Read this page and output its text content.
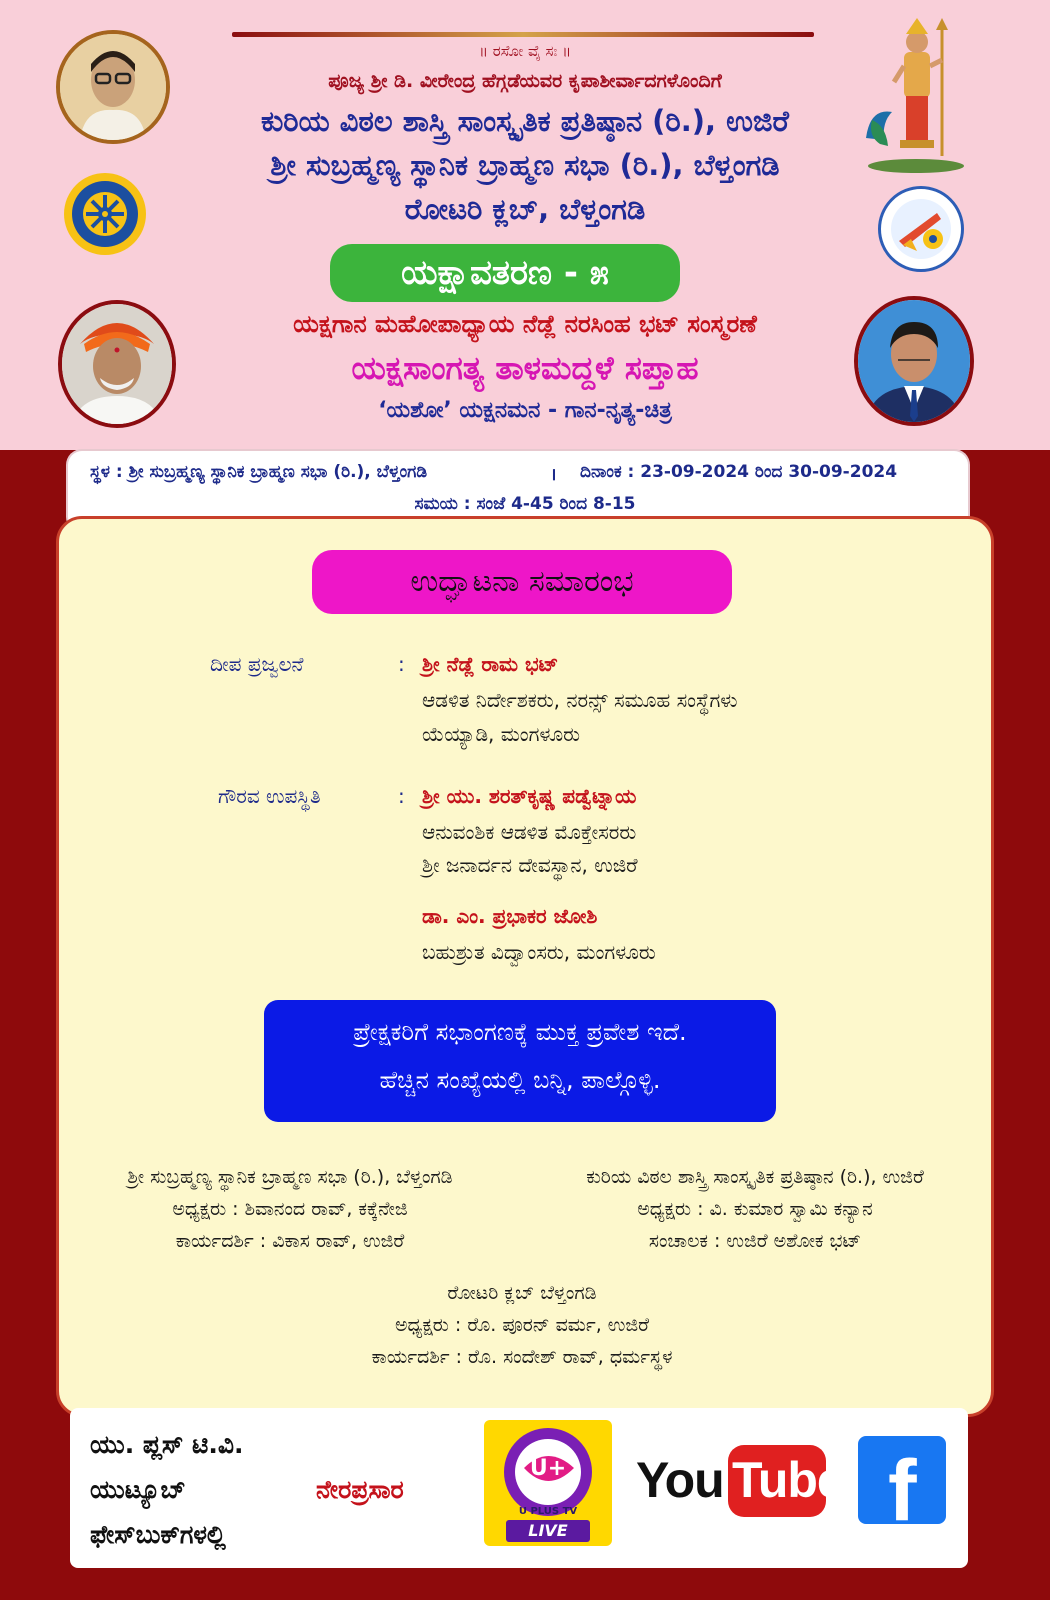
॥ ರಸೋ ವೈ ಸಃ ॥
ಪೂಜ್ಯ ಶ್ರೀ ಡಿ. ವೀರೇಂದ್ರ ಹೆಗ್ಗಡೆಯವರ ಕೃಪಾಶೀರ್ವಾದಗಳೊಂದಿಗೆ
ಕುರಿಯ ವಿಠಲ ಶಾಸ್ತ್ರಿ ಸಾಂಸ್ಕೃತಿಕ ಪ್ರತಿಷ್ಠಾನ (ರಿ.), ಉಜಿರೆ
ಶ್ರೀ ಸುಬ್ರಹ್ಮಣ್ಯ ಸ್ಥಾನಿಕ ಬ್ರಾಹ್ಮಣ ಸಭಾ (ರಿ.), ಬೆಳ್ತಂಗಡಿ
ರೋಟರಿ ಕ್ಲಬ್, ಬೆಳ್ತಂಗಡಿ
ಯಕ್ಷಾವತರಣ - ೫
ಯಕ್ಷಗಾನ ಮಹೋಪಾಧ್ಯಾಯ ನೆಡ್ಲೆ ನರಸಿಂಹ ಭಟ್ ಸಂಸ್ಮರಣೆ
ಯಕ್ಷಸಾಂಗತ್ಯ ತಾಳಮದ್ದಳೆ ಸಪ್ತಾಹ
‘ಯಶೋ’ ಯಕ್ಷನಮನ - ಗಾನ-ನೃತ್ಯ-ಚಿತ್ರ
ಸ್ಥಳ : ಶ್ರೀ ಸುಬ್ರಹ್ಮಣ್ಯ ಸ್ಥಾನಿಕ ಬ್ರಾಹ್ಮಣ ಸಭಾ (ರಿ.), ಬೆಳ್ತಂಗಡಿ	। ದಿನಾಂಕ : 23-09-2024 ರಿಂದ 30-09-2024
ಸಮಯ : ಸಂಜೆ 4-45 ರಿಂದ 8-15
ಉದ್ಘಾಟನಾ ಸಮಾರಂಭ
ದೀಪ ಪ್ರಜ್ವಲನೆ	: ಶ್ರೀ ನೆಡ್ಲೆ ರಾಮ ಭಟ್
ಆಡಳಿತ ನಿರ್ದೇಶಕರು, ನರನ್ಸ್ ಸಮೂಹ ಸಂಸ್ಥೆಗಳು
ಯೆಯ್ಯಾಡಿ, ಮಂಗಳೂರು
ಗೌರವ ಉಪಸ್ಥಿತಿ	: ಶ್ರೀ ಯು. ಶರತ್‌ಕೃಷ್ಣ ಪಡ್ವೆಟ್ನಾಯ
ಆನುವಂಶಿಕ ಆಡಳಿತ ಮೊಕ್ತೇಸರರು
ಶ್ರೀ ಜನಾರ್ದನ ದೇವಸ್ಥಾನ, ಉಜಿರೆ
ಡಾ. ಎಂ. ಪ್ರಭಾಕರ ಜೋಶಿ
ಬಹುಶ್ರುತ ವಿದ್ವಾಂಸರು, ಮಂಗಳೂರು
ಪ್ರೇಕ್ಷಕರಿಗೆ ಸಭಾಂಗಣಕ್ಕೆ ಮುಕ್ತ ಪ್ರವೇಶ ಇದೆ.
ಹೆಚ್ಚಿನ ಸಂಖ್ಯೆಯಲ್ಲಿ ಬನ್ನಿ, ಪಾಲ್ಗೊಳ್ಳಿ.
ಶ್ರೀ ಸುಬ್ರಹ್ಮಣ್ಯ ಸ್ಥಾನಿಕ ಬ್ರಾಹ್ಮಣ ಸಭಾ (ರಿ.), ಬೆಳ್ತಂಗಡಿ
ಅಧ್ಯಕ್ಷರು : ಶಿವಾನಂದ ರಾವ್, ಕಕ್ಕೆನೇಜಿ
ಕಾರ್ಯದರ್ಶಿ : ವಿಕಾಸ ರಾವ್, ಉಜಿರೆ
ಕುರಿಯ ವಿಠಲ ಶಾಸ್ತ್ರಿ ಸಾಂಸ್ಕೃತಿಕ ಪ್ರತಿಷ್ಠಾನ (ರಿ.), ಉಜಿರೆ
ಅಧ್ಯಕ್ಷರು : ವಿ. ಕುಮಾರ ಸ್ವಾಮಿ ಕನ್ಯಾನ
ಸಂಚಾಲಕ : ಉಜಿರೆ ಅಶೋಕ ಭಟ್
ರೋಟರಿ ಕ್ಲಬ್ ಬೆಳ್ತಂಗಡಿ
ಅಧ್ಯಕ್ಷರು : ರೊ. ಪೂರನ್ ವರ್ಮ, ಉಜಿರೆ
ಕಾರ್ಯದರ್ಶಿ : ರೊ. ಸಂದೇಶ್ ರಾವ್, ಧರ್ಮಸ್ಥಳ
ಯು. ಪ್ಲಸ್ ಟಿ.ವಿ.
ಯುಟ್ಯೂಬ್
ಫೇಸ್‌ಬುಕ್‌ಗಳಲ್ಲಿ
ನೇರಪ್ರಸಾರ
U+
U PLUS TV
LIVE
You Tube f
